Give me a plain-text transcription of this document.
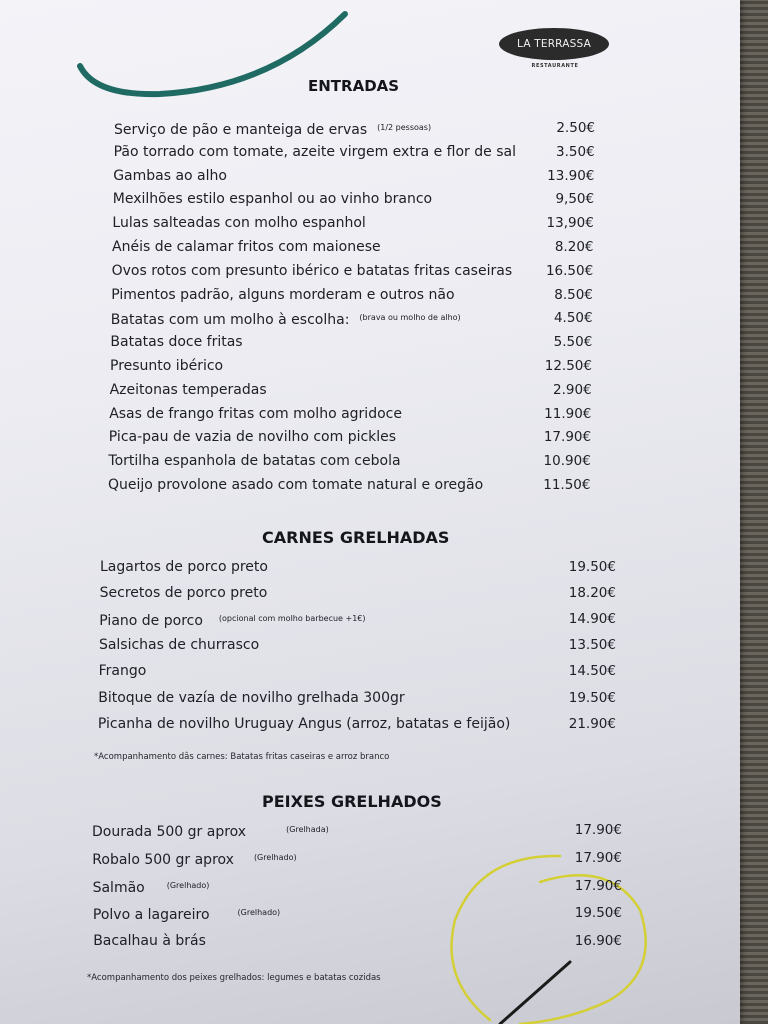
LA TERRASSA
RESTAURANTE
ENTRADAS
Serviço de pão e manteiga de ervas $^{(1/2 pessoas)}$	2.50€
Pão torrado com tomate, azeite virgem extra e flor de sal	3.50€
Gambas ao alho	13.90€
Mexilhões estilo espanhol ou ao vinho branco	9,50€
Lulas salteadas con molho espanhol	13,90€
Anéis de calamar fritos com maionese	8.20€
Ovos rotos com presunto ibérico e batatas fritas caseiras	16.50€
Pimentos padrão, alguns morderam e outros não	8.50€
Batatas com um molho à escolha: $^{(brava ou molho de alho)}$	4.50€
Batatas doce fritas	5.50€
Presunto ibérico	12.50€
Azeitonas temperadas	2.90€
Asas de frango fritas com molho agridoce	11.90€
Pica-pau de vazia de novilho com pickles	17.90€
Tortilha espanhola de batatas com cebola	10.90€
Queijo provolone asado com tomate natural e oregão	11.50€
CARNES GRELHADAS
Lagartos de porco preto	19.50€
Secretos de porco preto	18.20€
Piano de porco $^{(opcional com molho barbecue +1€)}$	14.90€
Salsichas de churrasco	13.50€
Frango	14.50€
Bitoque de vazía de novilho grelhada 300gr	19.50€
Picanha de novilho Uruguay Angus (arroz, batatas e feijão)	21.90€
*Acompanhamento dâs carnes: Batatas fritas caseiras e arroz branco
PEIXES GRELHADOS
Dourada 500 gr aprox	$^{(Grelhada)}$	17.90€
Robalo 500 gr aprox	$^{(Grelhado)}$	17.90€
Salmão	$^{(Grelhado)}$	17.90€
Polvo a lagareiro	$^{(Grelhado)}$	19.50€
Bacalhau à brás	16.90€
*Acompanhamento dos peixes grelhados: legumes e batatas cozidas
